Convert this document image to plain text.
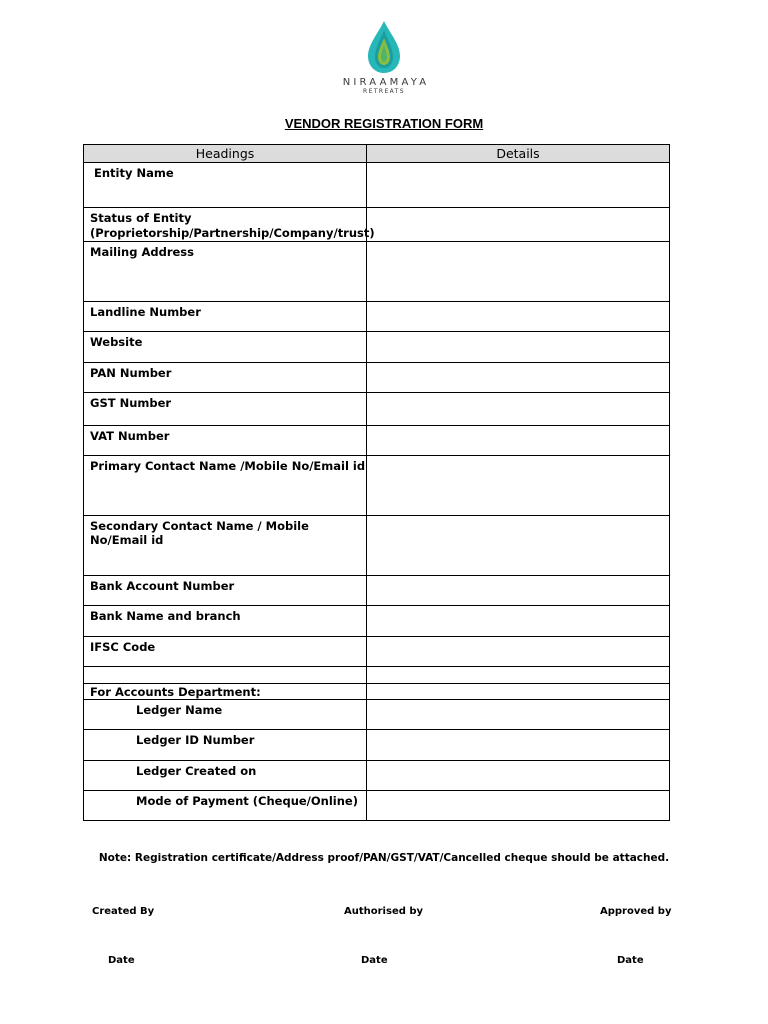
NIRAAMAYA
RETREATS
VENDOR REGISTRATION FORM
Headings	Details
Entity Name	
Status of Entity (Proprietorship/Partnership/Company/trust)	
Mailing Address	
Landline Number	
Website	
PAN Number	
GST Number	
VAT Number	
Primary Contact Name /Mobile No/Email id	
Secondary Contact Name / Mobile No/Email id	
Bank Account Number	
Bank Name and branch	
IFSC Code	

For Accounts Department:	
Ledger Name	
Ledger ID Number	
Ledger Created on	
Mode of Payment (Cheque/Online)	
Note: Registration certificate/Address proof/PAN/GST/VAT/Cancelled cheque should be attached.
Created By	Authorised by	Approved by
Date	Date	Date
